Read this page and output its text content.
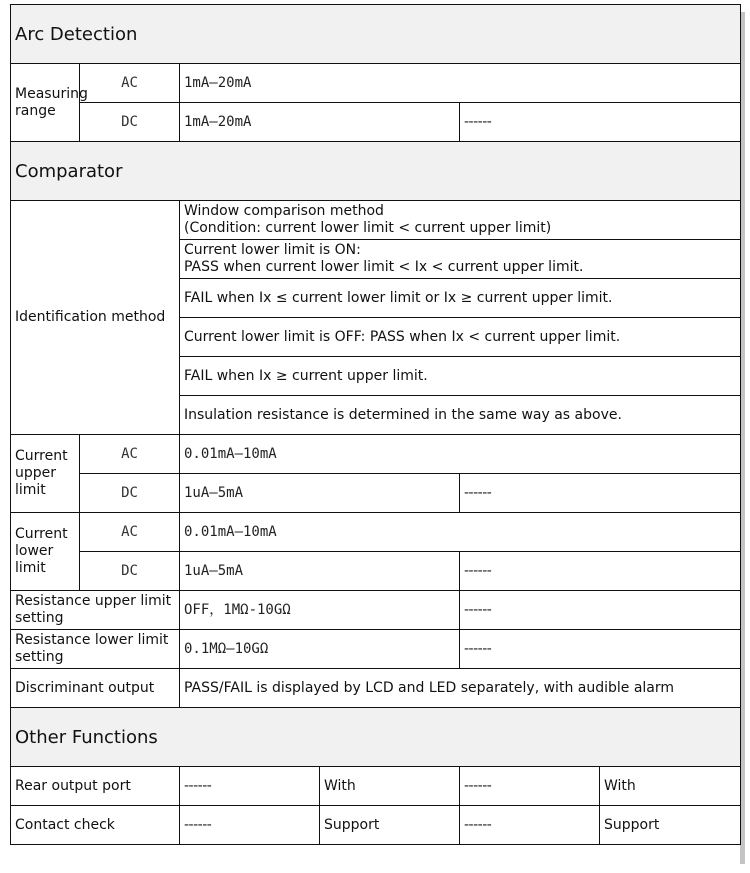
Arc Detection					
Measuring range	AC	1mA–20mA			
	DC	1mA–20mA		------	
Comparator					
Identification method		Window comparison method
(Condition: current lower limit < current upper limit)			

		Current lower limit is ON:
PASS when current lower limit < Ix < current upper limit.			

		FAIL when Ix ≤ current lower limit or Ix ≥ current upper limit.			
		Current lower limit is OFF: PASS when Ix < current upper limit.			
		FAIL when Ix ≥ current upper limit.			
		Insulation resistance is determined in the same way as above.			
Current upper limit	AC	0.01mA–10mA			
	DC	1uA–5mA		------	
Current lower limit	AC	0.01mA–10mA			
	DC	1uA–5mA		------	
Resistance upper limit setting		OFF，1MΩ-10GΩ		------	
Resistance lower limit setting		0.1MΩ–10GΩ		------	
Discriminant output		PASS/FAIL is displayed by LCD and LED separately, with audible alarm			
Other Functions					
Rear output port		------	With	------	With
Contact check		------	Support	------	Support
